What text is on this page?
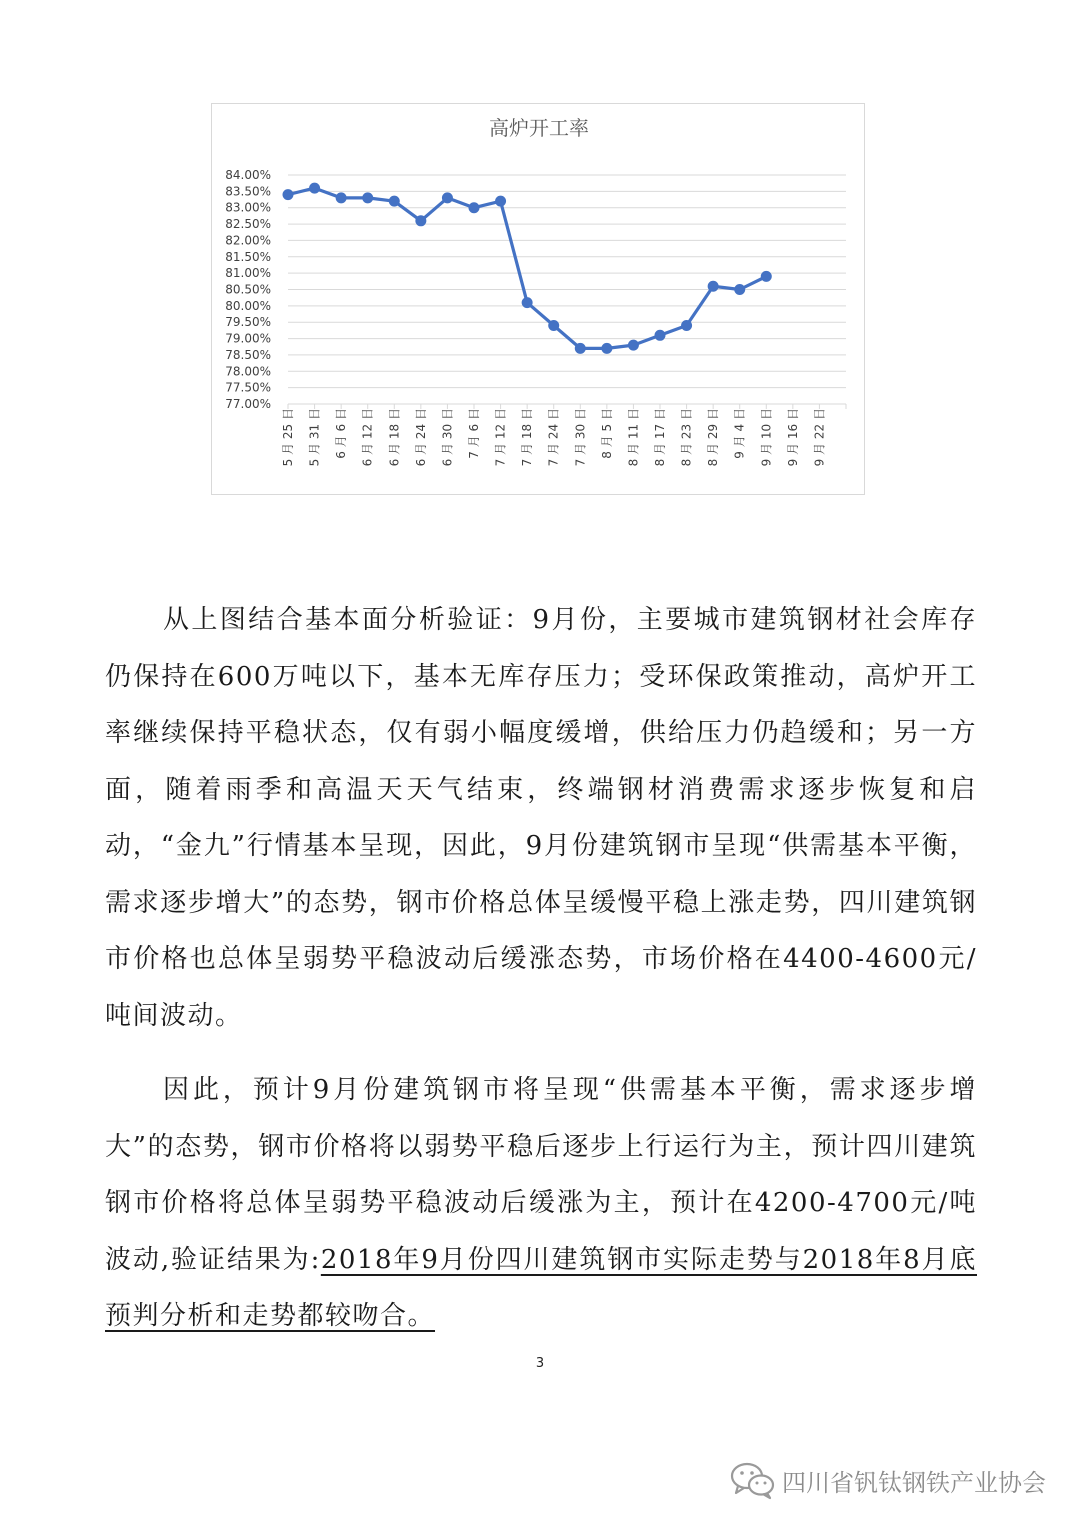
高炉开工率
84.00%
83.50%
83.00%
82.50%
82.00%
81.50%
81.00%
80.50%
80.00%
79.50%
79.00%
78.50%
78.00%
77.50%
77.00%
5 月 25 日 5 月 31 日 6 月 6 日 6 月 12 日 6 月 18 日 6 月 24 日 6 月 30 日 7 月 6 日 7 月 12 日 7 月 18 日 7 月 24 日 7 月 30 日 8 月 5 日 8 月 11 日 8 月 17 日 8 月 23 日 8 月 29 日 9 月 4 日 9 月 10 日 9 月 16 日 9 月 22 日

从上图结合基本面分析验证：9月份，主要城市建筑钢材社会库存仍保持在600万吨以下，基本无库存压力；受环保政策推动，高炉开工率继续保持平稳状态，仅有弱小幅度缓增，供给压力仍趋缓和；另一方面，随着雨季和高温天天气结束，终端钢材消费需求逐步恢复和启动，“金九”行情基本呈现，因此，9月份建筑钢市呈现“供需基本平衡，需求逐步增大”的态势，钢市价格总体呈缓慢平稳上涨走势，四川建筑钢市价格也总体呈弱势平稳波动后缓涨态势，市场价格在4400-4600元/吨间波动。

因此，预计9月份建筑钢市将呈现“供需基本平衡，需求逐步增大”的态势，钢市价格将以弱势平稳后逐步上行运行为主，预计四川建筑钢市价格将总体呈弱势平稳波动后缓涨为主，预计在4200-4700元/吨波动,验证结果为:2018年9月份四川建筑钢市实际走势与2018年8月底预判分析和走势都较吻合。

3
四川省钒钛钢铁产业协会
